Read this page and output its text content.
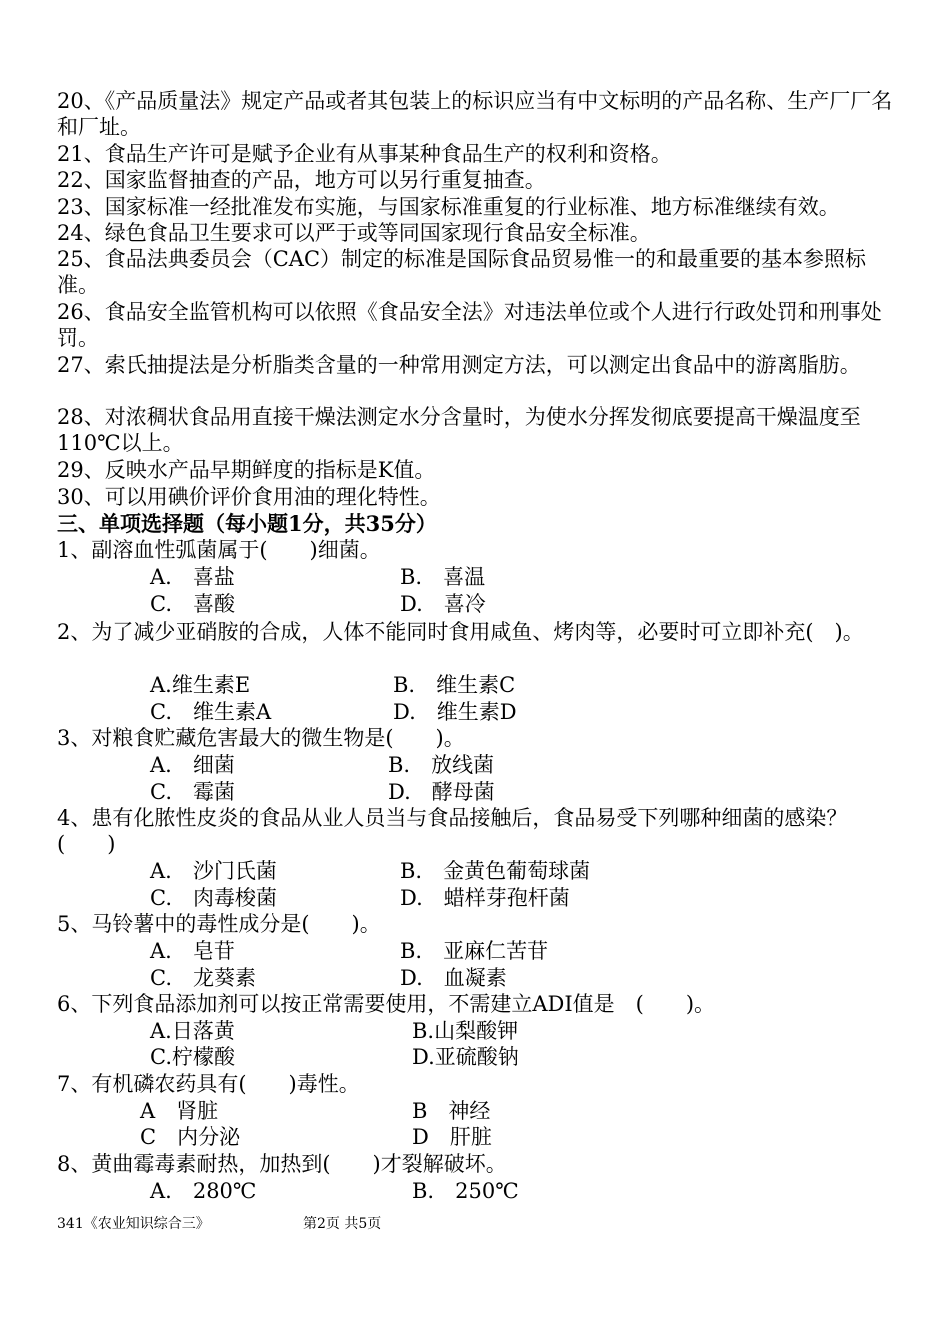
20、《产品质量法》规定产品或者其包装上的标识应当有中文标明的产品名称、生产厂厂名和厂址。
21、食品生产许可是赋予企业有从事某种食品生产的权利和资格。
22、国家监督抽查的产品，地方可以另行重复抽查。
23、国家标准一经批准发布实施，与国家标准重复的行业标准、地方标准继续有效。
24、绿色食品卫生要求可以严于或等同国家现行食品安全标准。
25、食品法典委员会（CAC）制定的标准是国际食品贸易惟一的和最重要的基本参照标准。
26、食品安全监管机构可以依照《食品安全法》对违法单位或个人进行行政处罚和刑事处罚。
27、索氏抽提法是分析脂类含量的一种常用测定方法，可以测定出食品中的游离脂肪。
28、对浓稠状食品用直接干燥法测定水分含量时，为使水分挥发彻底要提高干燥温度至110℃以上。
29、反映水产品早期鲜度的指标是K值。
30、可以用碘价评价食用油的理化特性。
三、单项选择题（每小题1分，共35分）
1、副溶血性弧菌属于(　　)细菌。
A.　喜盐	B.　喜温
C.　喜酸	D.　喜冷
2、为了减少亚硝胺的合成，人体不能同时食用咸鱼、烤肉等，必要时可立即补充(　)。
A.维生素E	B.　维生素C
C.　维生素A	D.　维生素D
3、对粮食贮藏危害最大的微生物是(　　)。
A.　细菌	B.　放线菌
C.　霉菌	D.　酵母菌
4、患有化脓性皮炎的食品从业人员当与食品接触后，食品易受下列哪种细菌的感染？(　　)
A.　沙门氏菌	B.　金黄色葡萄球菌
C.　肉毒梭菌	D.　蜡样芽孢杆菌
5、马铃薯中的毒性成分是(　　)。
A.　皂苷	B.　亚麻仁苦苷
C.　龙葵素	D.　血凝素
6、下列食品添加剂可以按正常需要使用，不需建立ADI值是　(　　)。
A.日落黄	B.山梨酸钾
C.柠檬酸	D.亚硫酸钠
7、有机磷农药具有(　　)毒性。
A　肾脏	B　神经
C　内分泌	D　肝脏
8、黄曲霉毒素耐热，加热到(　　)才裂解破坏。
A.　280℃	B.　250℃
341《农业知识综合三》	第2页 共5页
